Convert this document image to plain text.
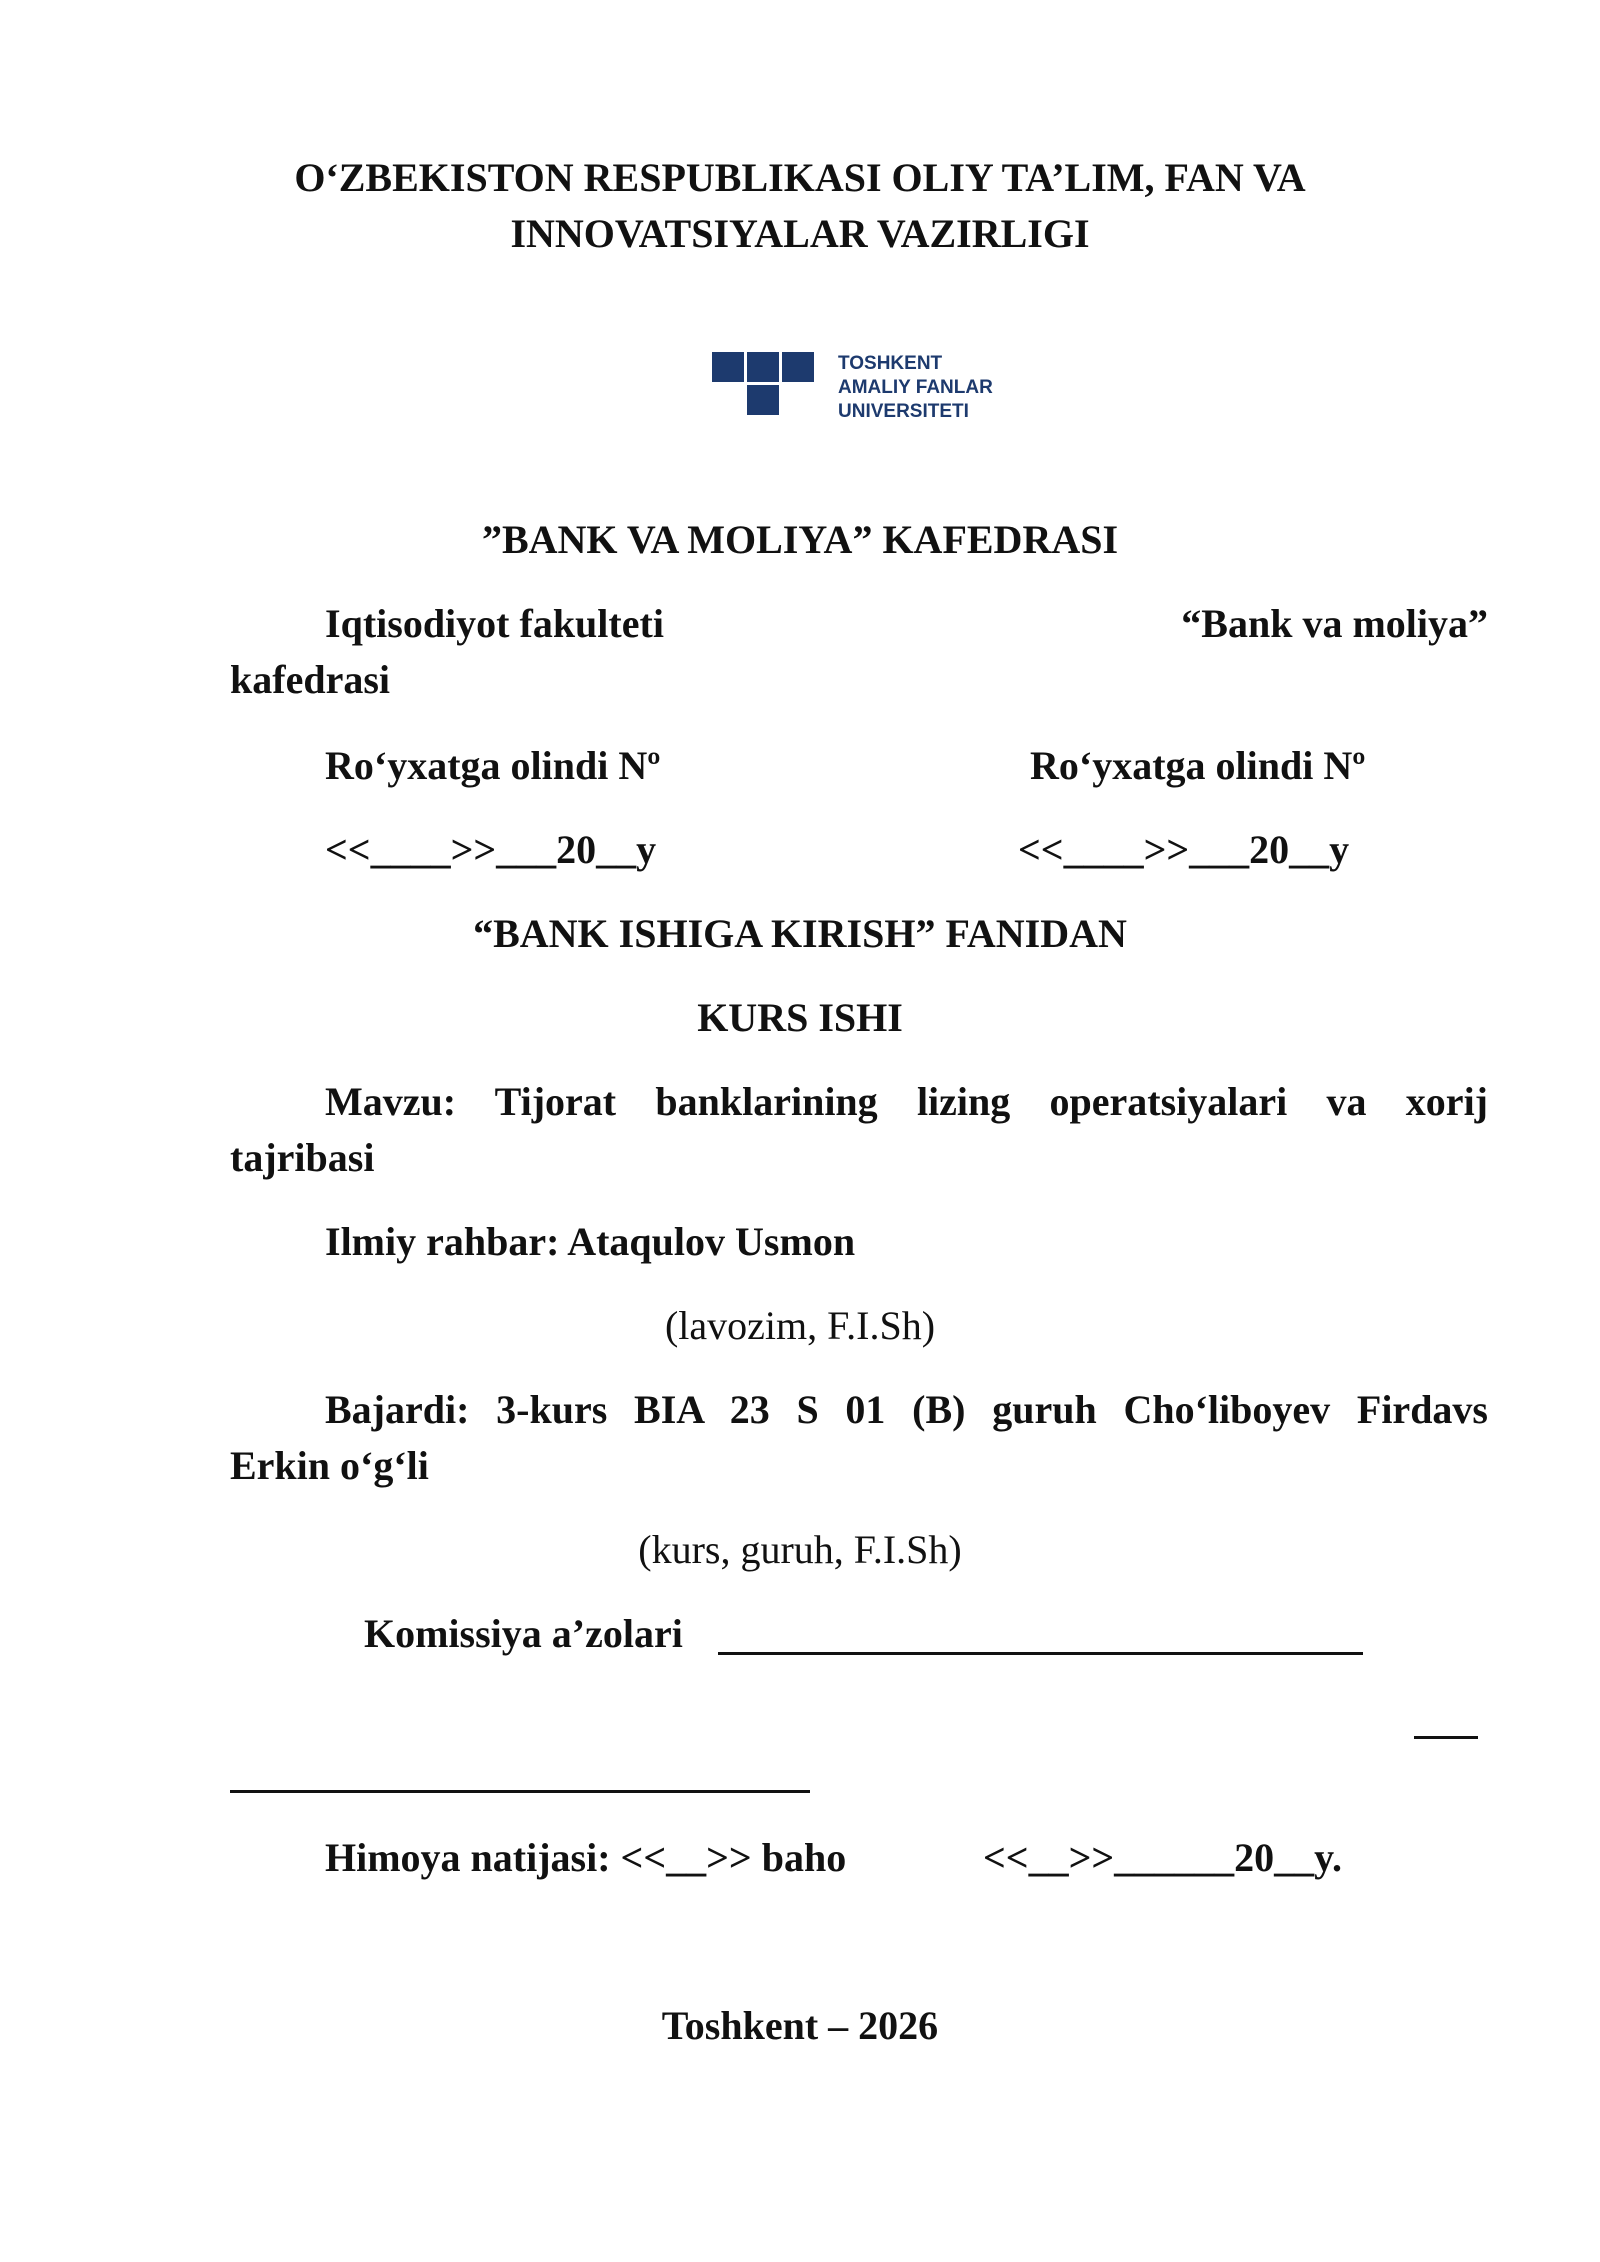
O‘ZBEKISTON RESPUBLIKASI OLIY TA’LIM, FAN VA
INNOVATSIYALAR VAZIRLIGI
TOSHKENT
AMALIY FANLAR
UNIVERSITETI
”BANK VA MOLIYA” KAFEDRASI
Iqtisodiyot fakulteti	“Bank va moliya”
kafedrasi
Ro‘yxatga olindi Nº	Ro‘yxatga olindi Nº
<<____>>___20__y	<<____>>___20__y
“BANK ISHIGA KIRISH” FANIDAN
KURS ISHI
Mavzu: Tijorat banklarining lizing operatsiyalari va xorij
tajribasi
Ilmiy rahbar: Ataqulov Usmon
(lavozim, F.I.Sh)
Bajardi: 3-kurs BIA 23 S 01 (B) guruh Cho‘liboyev Firdavs
Erkin o‘g‘li
(kurs, guruh, F.I.Sh)
Komissiya a’zolari
Himoya natijasi: <<__>> baho	<<__>>______20__y.
Toshkent – 2026
